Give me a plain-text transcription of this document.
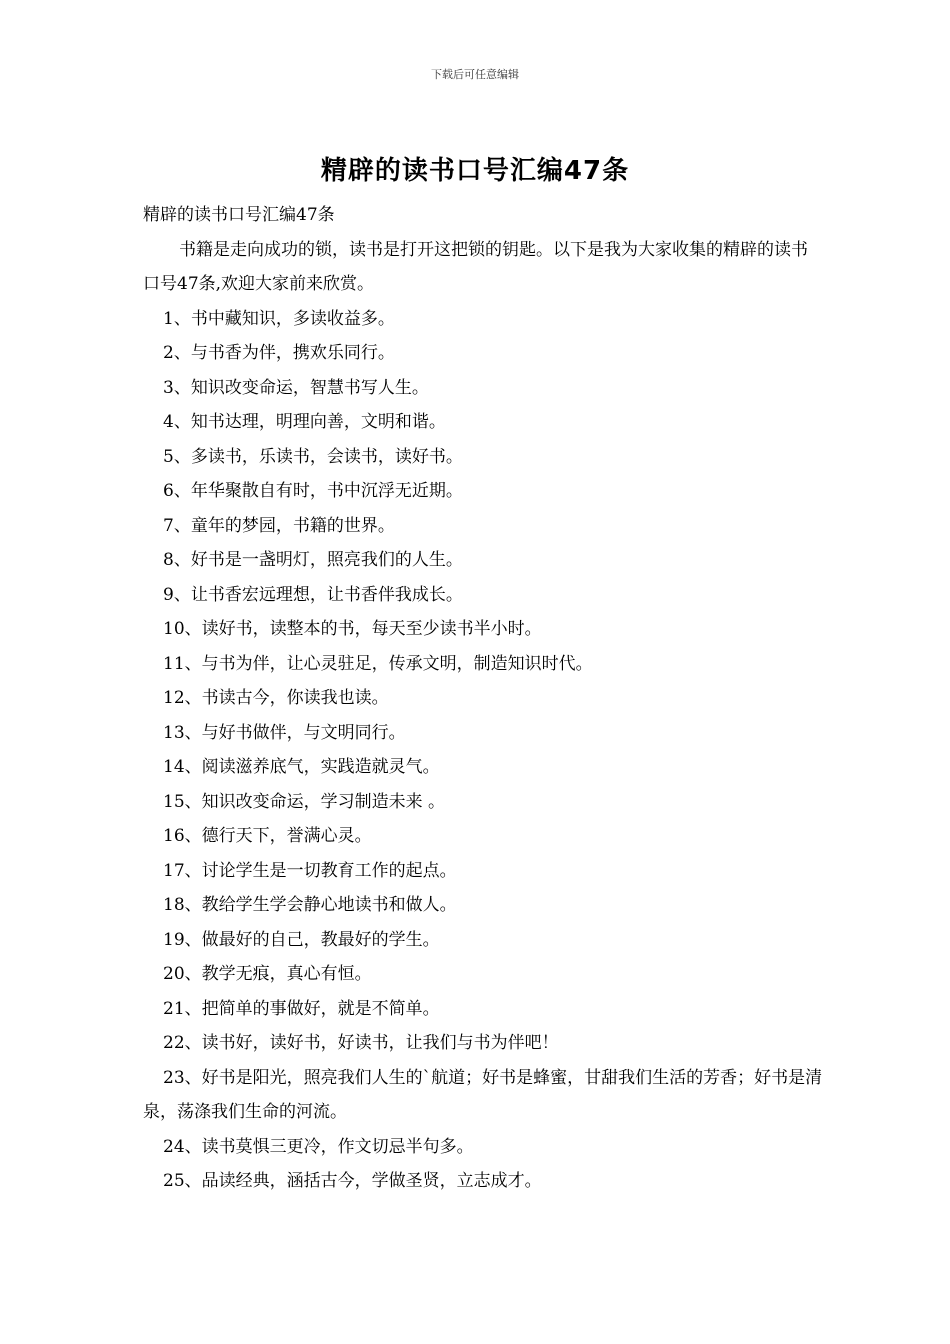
下载后可任意编辑
精辟的读书口号汇编47条

精辟的读书口号汇编47条

书籍是走向成功的锁，读书是打开这把锁的钥匙。以下是我为大家收集的精辟的读书口号47条,欢迎大家前来欣赏。

1、书中藏知识，多读收益多。

2、与书香为伴，携欢乐同行。

3、知识改变命运，智慧书写人生。

4、知书达理，明理向善，文明和谐。

5、多读书，乐读书，会读书，读好书。

6、年华聚散自有时，书中沉浮无近期。

7、童年的梦园，书籍的世界。

8、好书是一盏明灯，照亮我们的人生。

9、让书香宏远理想，让书香伴我成长。

10、读好书，读整本的书，每天至少读书半小时。

11、与书为伴，让心灵驻足，传承文明，制造知识时代。

12、书读古今，你读我也读。

13、与好书做伴，与文明同行。

14、阅读滋养底气，实践造就灵气。

15、知识改变命运，学习制造未来 。

16、德行天下，誉满心灵。

17、讨论学生是一切教育工作的起点。

18、教给学生学会静心地读书和做人。

19、做最好的自己，教最好的学生。

20、教学无痕，真心有恒。

21、把简单的事做好，就是不简单。

22、读书好，读好书，好读书，让我们与书为伴吧！

23、好书是阳光，照亮我们人生的`航道；好书是蜂蜜，甘甜我们生活的芳香；好书是清泉，荡涤我们生命的河流。

24、读书莫惧三更冷，作文切忌半句多。

25、品读经典，涵括古今，学做圣贤，立志成才。
